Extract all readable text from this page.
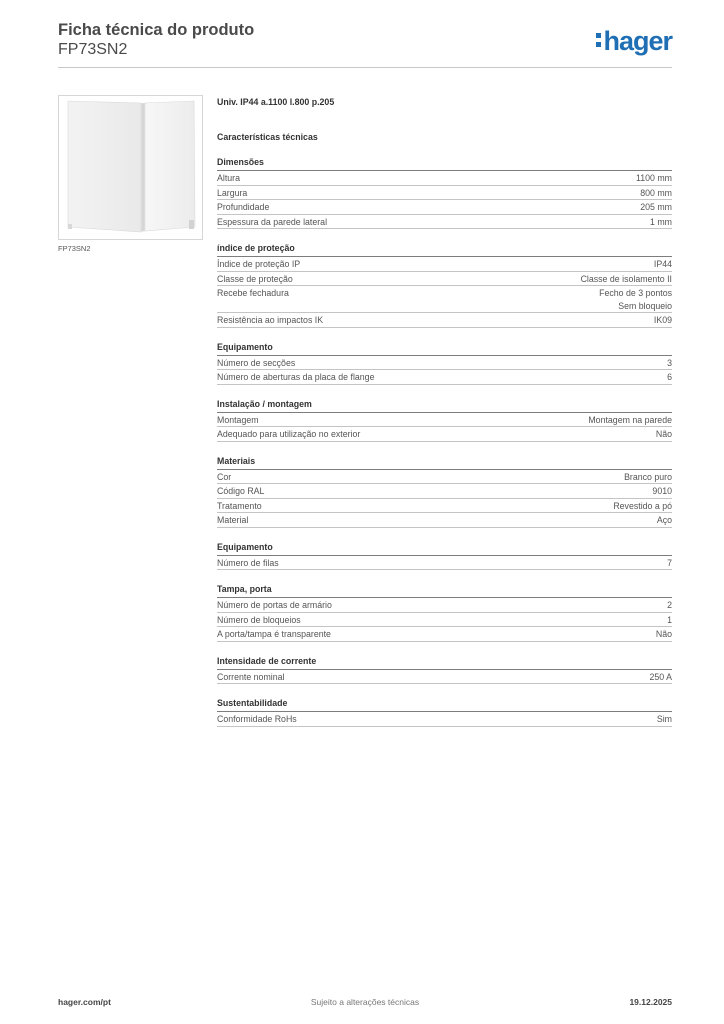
Ficha técnica do produto
FP73SN2	hager
FP73SN2
Univ. IP44 a.1100 l.800 p.205
Características técnicas
Dimensões
Altura	1100 mm
Largura	800 mm
Profundidade	205 mm
Espessura da parede lateral	1 mm
índice de proteção
Índice de proteção IP	IP44
Classe de proteção	Classe de isolamento II
Recebe fechadura	Fecho de 3 pontos
Sem bloqueio
Resistência ao impactos IK	IK09
Equipamento
Número de secções	3
Número de aberturas da placa de flange	6
Instalação / montagem
Montagem	Montagem na parede
Adequado para utilização no exterior	Não
Materiais
Cor	Branco puro
Código RAL	9010
Tratamento	Revestido a pó
Material	Aço
Equipamento
Número de filas	7
Tampa, porta
Número de portas de armário	2
Número de bloqueios	1
A porta/tampa é transparente	Não
Intensidade de corrente
Corrente nominal	250 A
Sustentabilidade
Conformidade RoHs	Sim
hager.com/pt	Sujeito a alterações técnicas	19.12.2025
